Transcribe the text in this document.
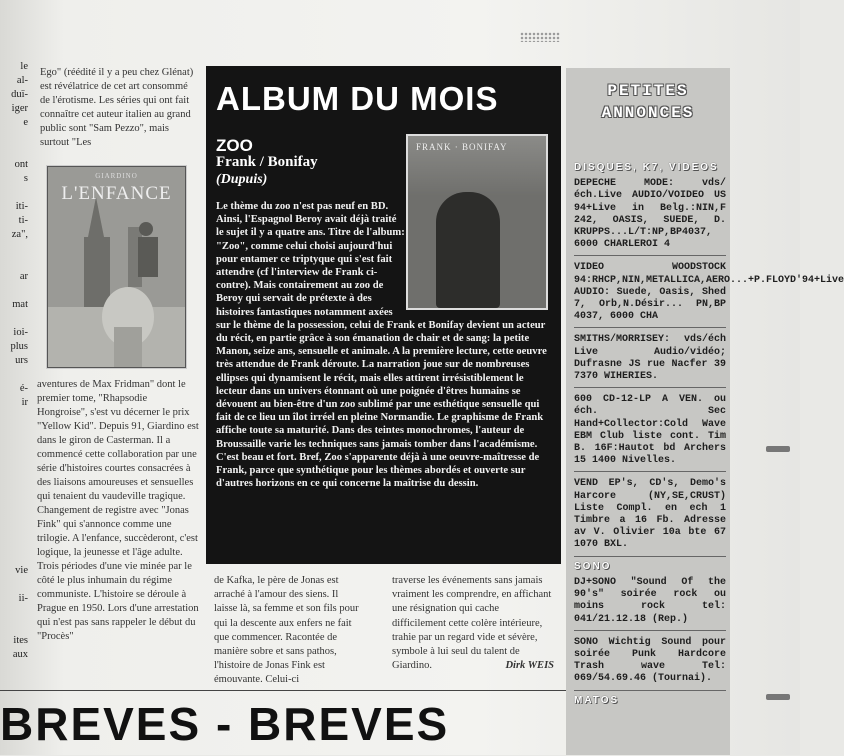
le
al-
duï-
iger
e

ont
s

iti-
ti-
za",

ar

mat

ioi-
plus
urs

é-
ir

vie

ii-

ites
aux
Ego" (réédité il y a peu chez Glénat) est révélatrice de cet art consommé de l'érotisme. Les séries qui ont fait connaître cet auteur italien au grand public sont "Sam Pezzo", mais surtout "Les
GIARDINO
L'ENFANCE
aventures de Max Fridman" dont le premier tome, "Rhapsodie Hongroise", s'est vu décerner le prix "Yellow Kid". Depuis 91, Giardino est dans le giron de Casterman. Il a commencé cette collaboration par une série d'histoires courtes consacrées à des liaisons amoureuses et sensuelles qui tenaient du vaudeville tragique. Changement de registre avec "Jonas Fink" qui s'annonce comme une trilogie. A l'enfance, succèderont, c'est logique, la jeunesse et l'âge adulte. Trois périodes d'une vie minée par le côté le plus inhumain du régime communiste. L'histoire se déroule à Prague en 1950. Lors d'une arrestation qui n'est pas sans rappeler le début du "Procès"
ALBUM DU MOIS
ZOO
Frank / Bonifay
(Dupuis)
FRANK · BONIFAY
Le thème du zoo n'est pas neuf en BD. Ainsi, l'Espagnol Beroy avait déjà traité le sujet il y a quatre ans. Titre de l'album: "Zoo", comme celui choisi aujourd'hui pour entamer ce triptyque qui s'est fait attendre (cf l'interview de Frank ci-contre). Mais contairement au zoo de Beroy qui servait de prétexte à des histoires fantastiques notamment axées sur le thème de la possession, celui de Frank et Bonifay devient un acteur du récit, en partie grâce à son émanation de chair et de sang: la petite Manon, seize ans, sensuelle et animale. A la première lecture, cette oeuvre très attendue de Frank déroute. La narration joue sur de nombreuses ellipses qui dynamisent le récit, mais elles attirent irrésistiblement le lecteur dans un univers étonnant où une poignée d'êtres humains se dévouent au bien-être d'un zoo sublimé par une esthétique sensuelle qui fait de ce lieu un îlot irréel en pleine Normandie. Le graphisme de Frank affiche toute sa maturité. Dans des teintes monochromes, l'auteur de Broussaille varie les techniques sans jamais tomber dans l'académisme. C'est beau et fort. Bref, Zoo s'apparente déjà à une oeuvre-maîtresse de Frank, parce que synthétique pour les thèmes abordés et ouverte sur d'autres horizons en ce qui concerne la maîtrise du dessin.
de Kafka, le père de Jonas est arraché à l'amour des siens. Il laisse là, sa femme et son fils pour qui la descente aux enfers ne fait que commencer. Racontée de manière sobre et sans pathos, l'histoire de Jonas Fink est émouvante. Celui-ci
traverse les événements sans jamais vraiment les comprendre, en affichant une résignation qui cache difficilement cette colère intérieure, trahie par un regard vide et sévère, symbole à lui seul du talent de Giardino.	Dirk WEIS
PETITES
ANNONCES
DISQUES, K7, VIDEOS
DEPECHE MODE: vds/éch.Live AUDIO/VOIDEO US 94+Live in Belg.:NIN,F 242, OASIS, SUEDE, D. KRUPPS...L/T:NP,BP4037, 6000 CHARLEROI 4
VIDEO WOODSTOCK 94:RHCP,NIN,METALLICA,AERO...+P.FLOYD'94+Live AUDIO: Suede, Oasis, Shed 7, Orb,N.Désir... PN,BP 4037, 6000 CHA
SMITHS/MORRISEY: vds/éch Live Audio/vidéo; Dufrasne JS rue Nacfer 39 7370 WIHERIES.
600 CD-12-LP A VEN. ou éch. Sec Hand+Collector:Cold Wave EBM Club liste cont. Tim B. 16F:Hautot bd Archers 15 1400 Nivelles.
VEND EP's, CD's, Demo's Harcore (NY,SE,CRUST) Liste Compl. en ech 1 Timbre a 16 Fb. Adresse av V. Olivier 10a bte 67 1070 BXL.
SONO
DJ+SONO "Sound Of the 90's" soirée rock ou moins rock tel: 041/21.12.18 (Rep.)
SONO Wichtig Sound pour soirée Punk Hardcore Trash wave Tel: 069/54.69.46 (Tournai).
MATOS
BREVES - BREVES
